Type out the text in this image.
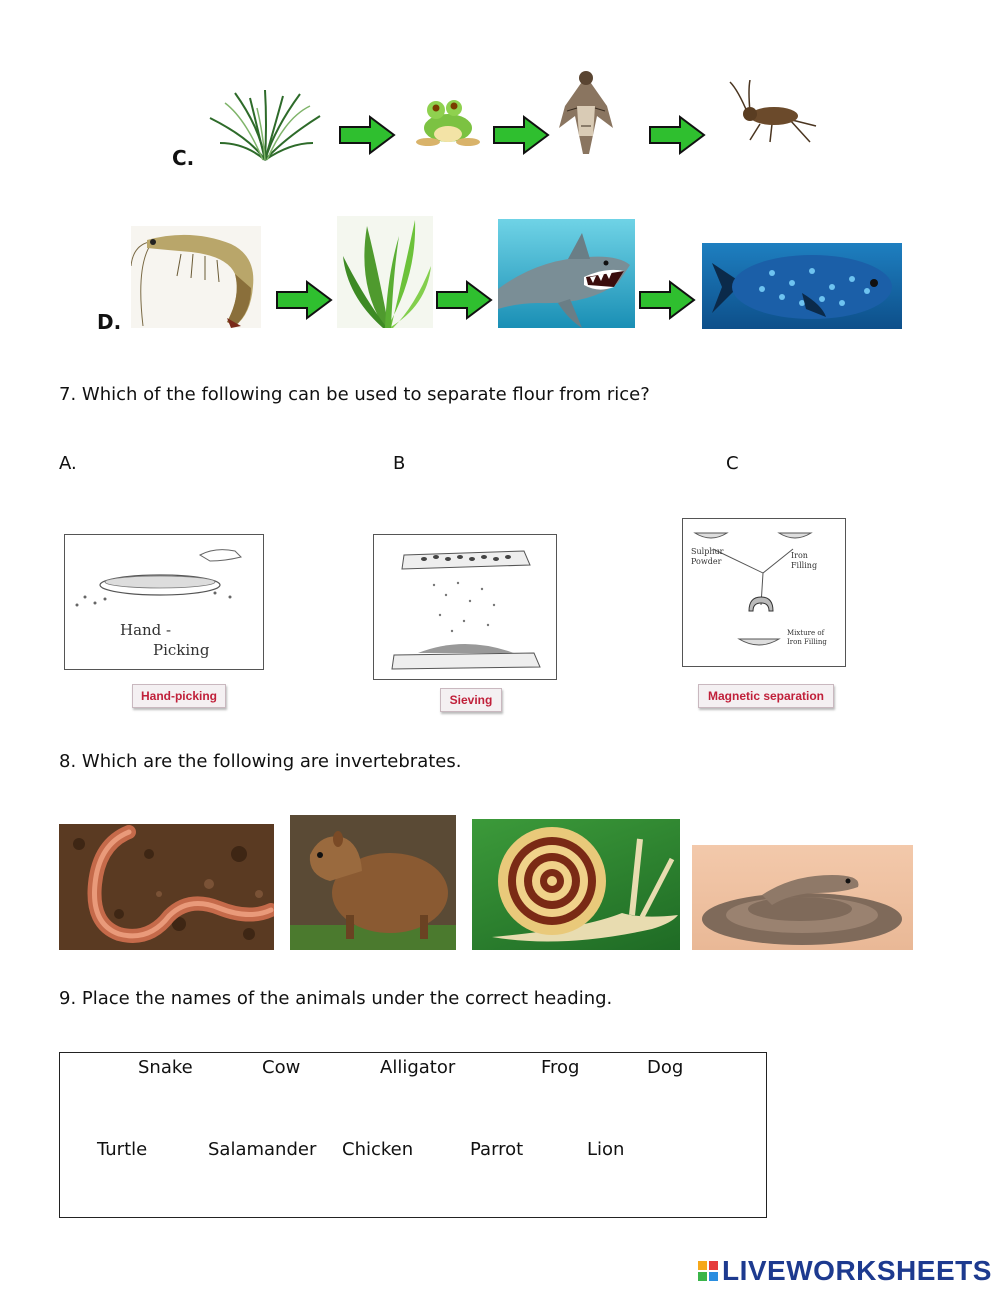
C.
D.
7. Which of the following can be used to separate flour from rice?
A.	B	C
Hand -
Picking
Hand-picking	Sieving
Sulphur Powder
Iron Filling
Mixture of Iron Filling
Magnetic separation
8. Which are the following are invertebrates.
9. Place the names of the animals under the correct heading.
Snake	Cow	Alligator	Frog	Dog
Turtle	Salamander Chicken	Parrot	Lion
LIVEWORKSHEETS
